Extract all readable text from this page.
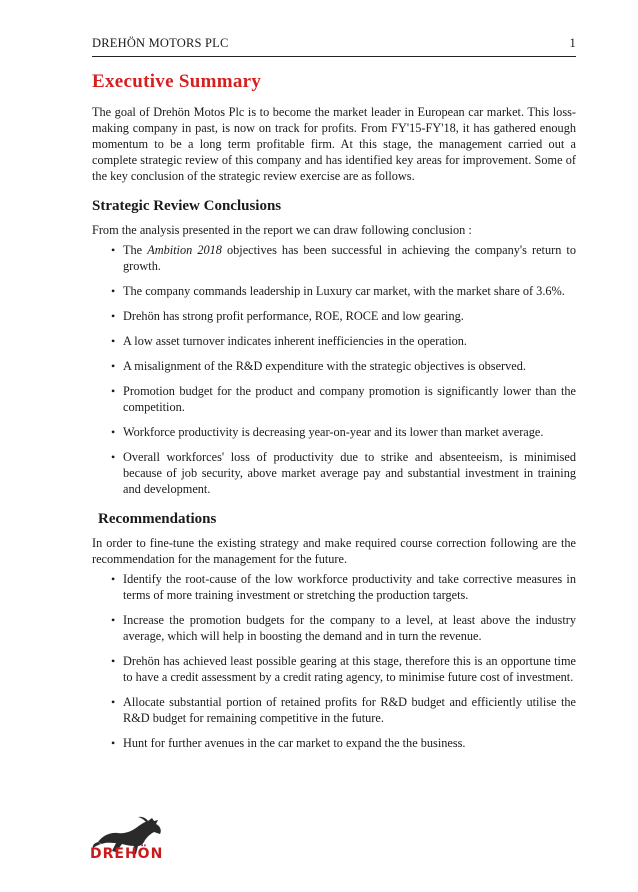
DREHÖN MOTORS PLC	1
Executive Summary

The goal of Drehön Motos Plc is to become the market leader in European car market. This loss-making company in past, is now on track for profits. From FY'15-FY'18, it has gathered enough momentum to be a long term profitable firm. At this stage, the management carried out a complete strategic review of this company and has identified key areas for improvement. Some of the key conclusion of the strategic review exercise are as follows.

Strategic Review Conclusions

From the analysis presented in the report we can draw following conclusion :

• The Ambition 2018 objectives has been successful in achieving the company's return to growth.
• The company commands leadership in Luxury car market, with the market share of 3.6%.
• Drehön has strong profit performance, ROE, ROCE and low gearing.
• A low asset turnover indicates inherent inefficiencies in the operation.
• A misalignment of the R&D expenditure with the strategic objectives is observed.
• Promotion budget for the product and company promotion is significantly lower than the competition.
• Workforce productivity is decreasing year-on-year and its lower than market average.
• Overall workforces' loss of productivity due to strike and absenteeism, is minimised because of job security, above market average pay and substantial investment in training and development.
Recommendations

In order to fine-tune the existing strategy and make required course correction following are the recommendation for the management for the future.

• Identify the root-cause of the low workforce productivity and take corrective measures in terms of more training investment or stretching the production targets.
• Increase the promotion budgets for the company to a level, at least above the industry average, which will help in boosting the demand and in turn the revenue.
• Drehön has achieved least possible gearing at this stage, therefore this is an opportune time to have a credit assessment by a credit rating agency, to minimise future cost of investment.
• Allocate substantial portion of retained profits for R&D budget and efficiently utilise the R&D budget for remaining competitive in the future.
• Hunt for further avenues in the car market to expand the the business.
DREHÖN
